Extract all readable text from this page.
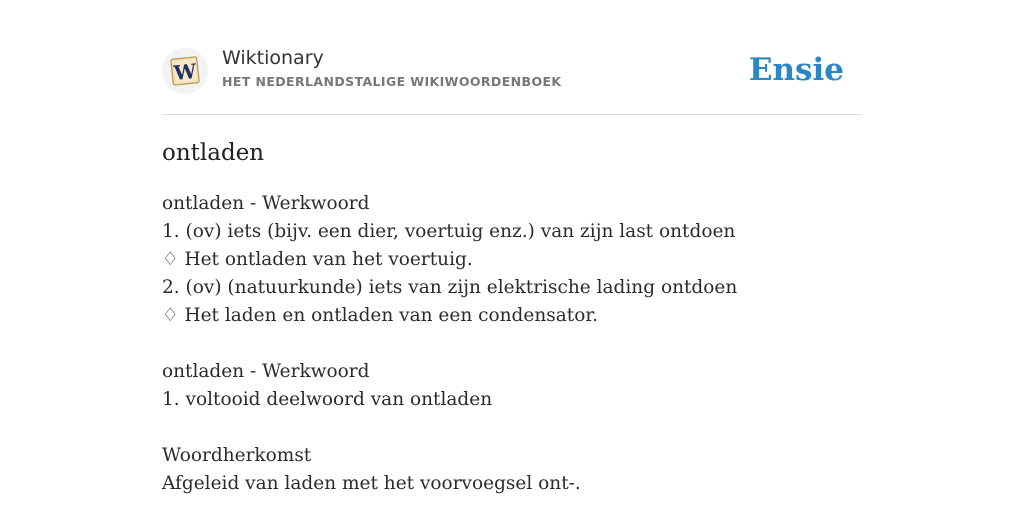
W
Wiktionary
HET NEDERLANDSTALIGE WIKIWOORDENBOEK	Ensie
ontladen
ontladen - Werkwoord
1. (ov) iets (bijv. een dier, voertuig enz.) van zijn last ontdoen
♢ Het ontladen van het voertuig.
2. (ov) (natuurkunde) iets van zijn elektrische lading ontdoen
♢ Het laden en ontladen van een condensator.
ontladen - Werkwoord
1. voltooid deelwoord van ontladen
Woordherkomst
Afgeleid van laden met het voorvoegsel ont-.
